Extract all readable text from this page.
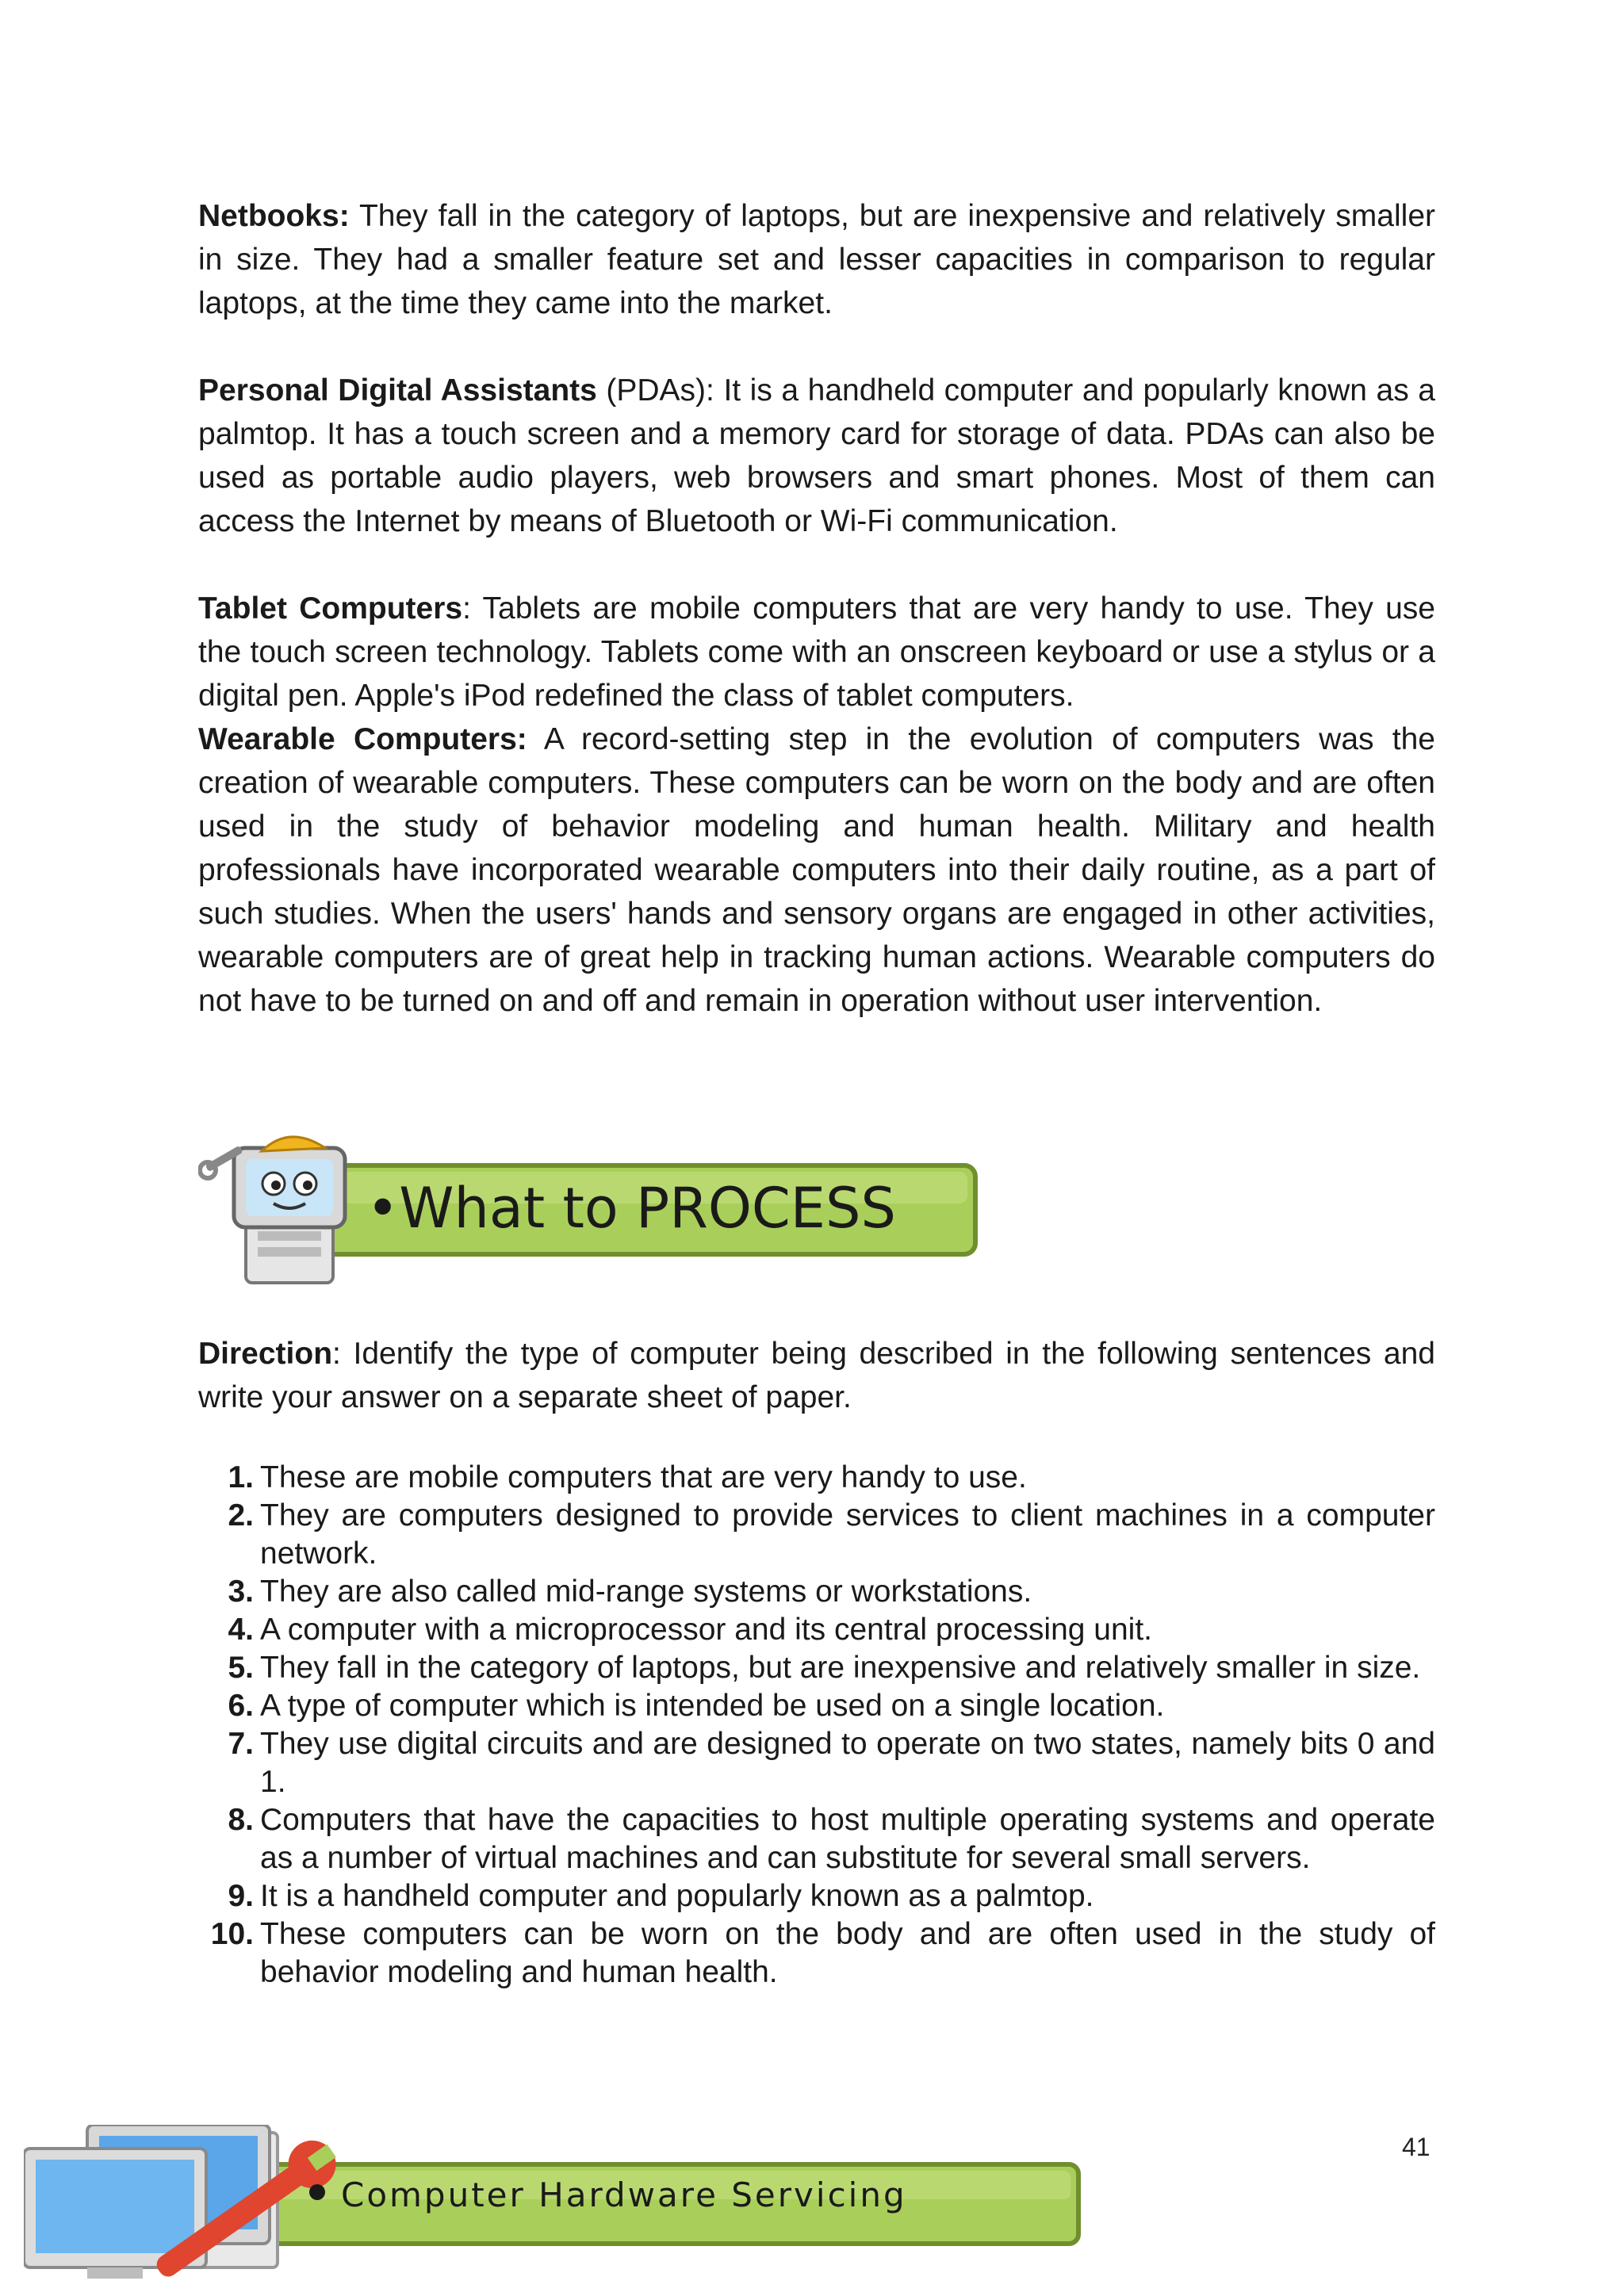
Netbooks: They fall in the category of laptops, but are inexpensive and relatively smaller in size. They had a smaller feature set and lesser capacities in comparison to regular laptops, at the time they came into the market.

Personal Digital Assistants (PDAs): It is a handheld computer and popularly known as a palmtop. It has a touch screen and a memory card for storage of data. PDAs can also be used as portable audio players, web browsers and smart phones. Most of them can access the Internet by means of Bluetooth or Wi-Fi communication.

Tablet Computers: Tablets are mobile computers that are very handy to use. They use the touch screen technology. Tablets come with an onscreen keyboard or use a stylus or a digital pen. Apple's iPod redefined the class of tablet computers.

Wearable Computers: A record-setting step in the evolution of computers was the creation of wearable computers. These computers can be worn on the body and are often used in the study of behavior modeling and human health. Military and health professionals have incorporated wearable computers into their daily routine, as a part of such studies. When the users' hands and sensory organs are engaged in other activities, wearable computers are of great help in tracking human actions. Wearable computers do not have to be turned on and off and remain in operation without user intervention.

•What to PROCESS

Direction: Identify the type of computer being described in the following sentences and write your answer on a separate sheet of paper.

1. These are mobile computers that are very handy to use.
2. They are computers designed to provide services to client machines in a computer network.
3. They are also called mid-range systems or workstations.
4. A computer with a microprocessor and its central processing unit.
5. They fall in the category of laptops, but are inexpensive and relatively smaller in size.
6. A type of computer which is intended be used on a single location.
7. They use digital circuits and are designed to operate on two states, namely bits 0 and 1.
8. Computers that have the capacities to host multiple operating systems and operate as a number of virtual machines and can substitute for several small servers.
9. It is a handheld computer and popularly known as a palmtop.
10. These computers can be worn on the body and are often used in the study of behavior modeling and human health.
41
Computer Hardware Servicing
